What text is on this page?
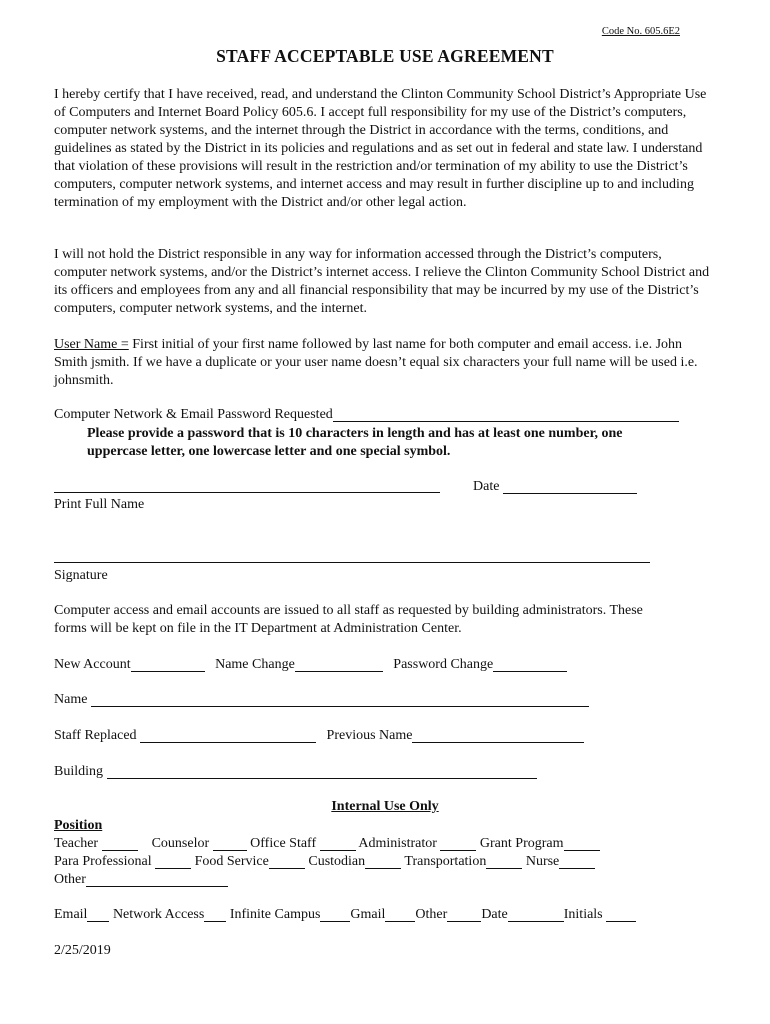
Code No. 605.6E2
STAFF ACCEPTABLE USE AGREEMENT
I hereby certify that I have received, read, and understand the Clinton Community School District’s Appropriate Use of Computers and Internet Board Policy 605.6. I accept full responsibility for my use of the District’s computers, computer network systems, and the internet through the District in accordance with the terms, conditions, and guidelines as stated by the District in its policies and regulations and as set out in federal and state law. I understand that violation of these provisions will result in the restriction and/or termination of my ability to use the District’s computers, computer network systems, and internet access and may result in further discipline up to and including termination of my employment with the District and/or other legal action.
I will not hold the District responsible in any way for information accessed through the District’s computers, computer network systems, and/or the District’s internet access. I relieve the Clinton Community School District and its officers and employees from any and all financial responsibility that may be incurred by my use of the District’s computers, computer network systems, and the internet.
User Name = First initial of your first name followed by last name for both computer and email access. i.e. John Smith jsmith. If we have a duplicate or your user name doesn’t equal six characters your full name will be used i.e. johnsmith.
Computer Network & Email Password Requested
Please provide a password that is 10 characters in length and has at least one number, one
uppercase letter, one lowercase letter and one special symbol.
Date
Print Full Name
Signature
Computer access and email accounts are issued to all staff as requested by building administrators. These
forms will be kept on file in the IT Department at Administration Center.
New Account	Name Change	Password Change
Name
Staff Replaced	Previous Name
Building
Internal Use Only
Position
Teacher	Counselor	Office Staff	Administrator	Grant Program
Para Professional	Food Service	Custodian	Transportation	Nurse
Other
Email Network Access Infinite Campus Gmail Other Date	Initials
2/25/2019
